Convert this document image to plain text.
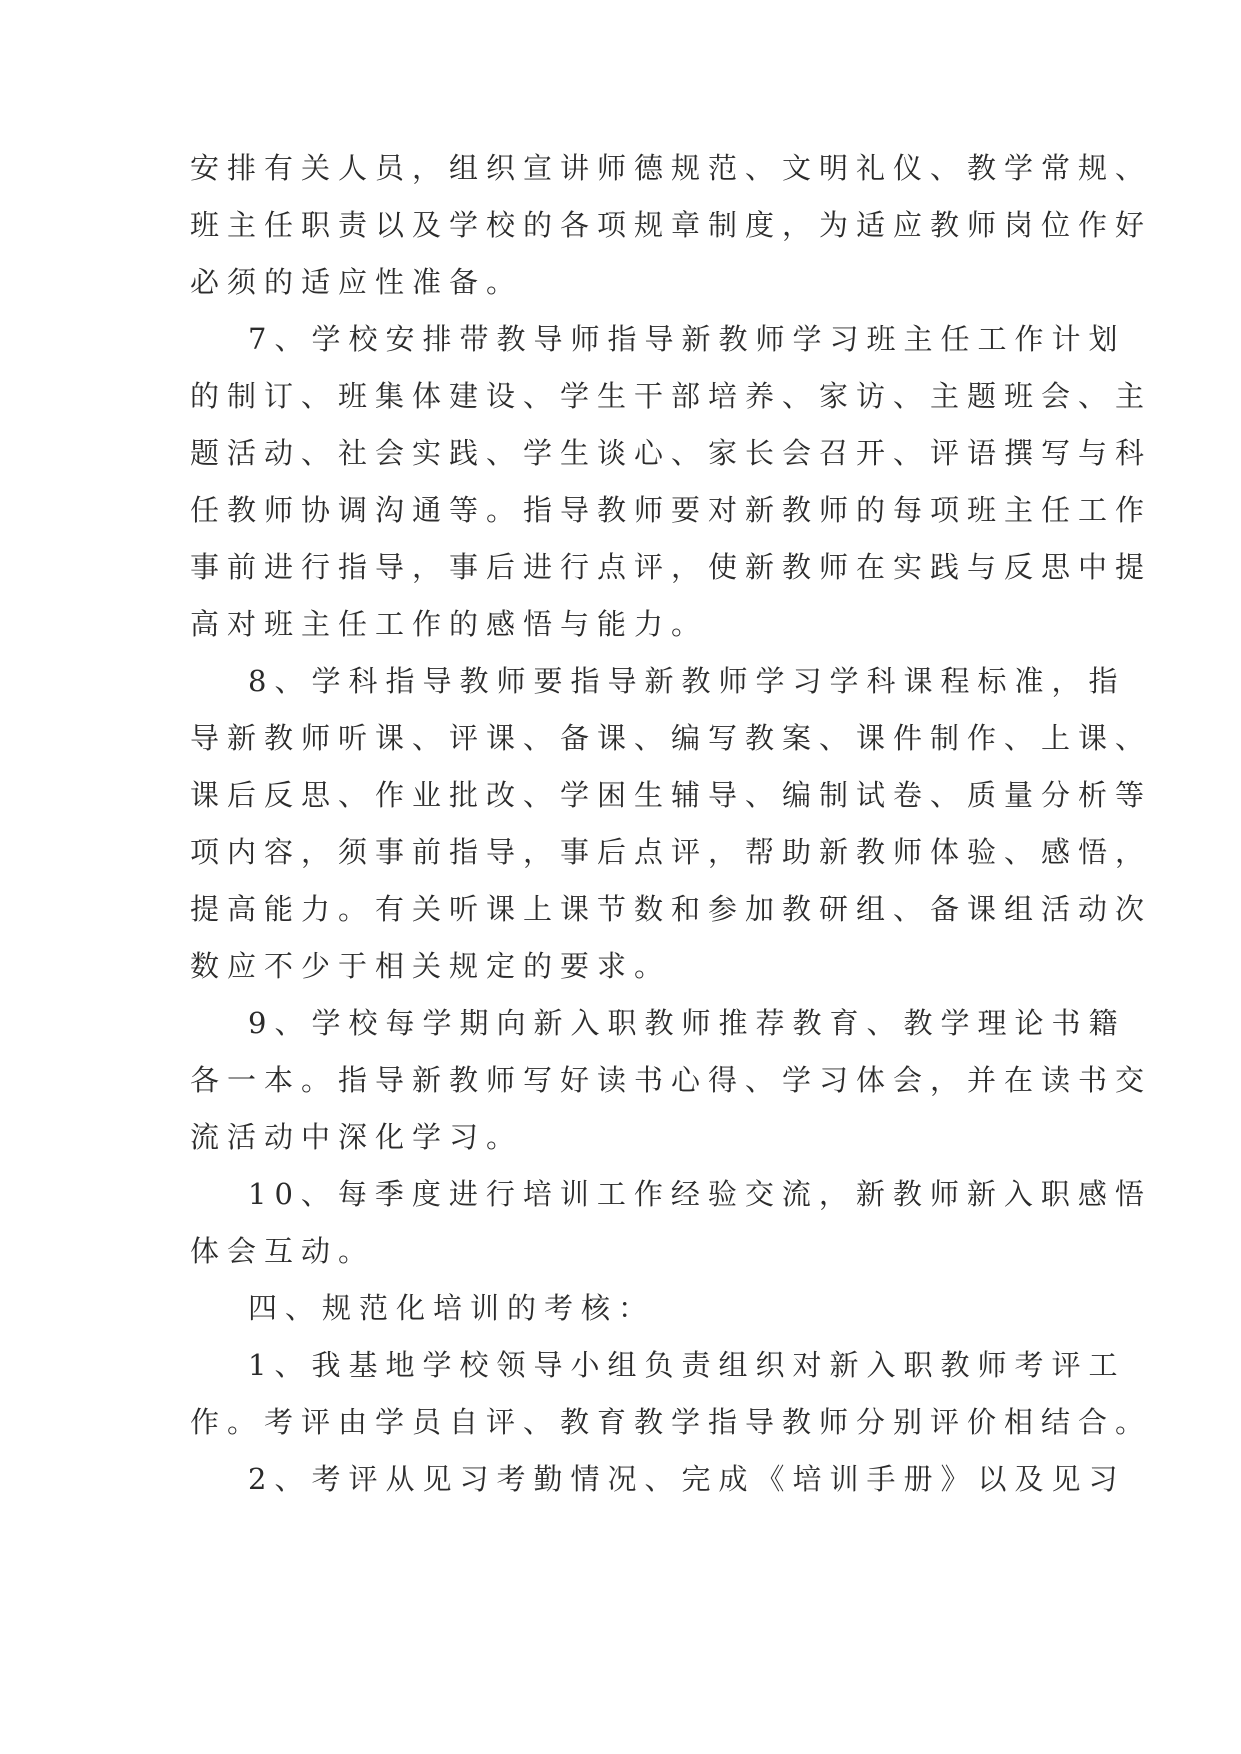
安排有关人员，组织宣讲师德规范、文明礼仪、教学常规、

班主任职责以及学校的各项规章制度，为适应教师岗位作好

必须的适应性准备。

7、学校安排带教导师指导新教师学习班主任工作计划

的制订、班集体建设、学生干部培养、家访、主题班会、主

题活动、社会实践、学生谈心、家长会召开、评语撰写与科

任教师协调沟通等。指导教师要对新教师的每项班主任工作

事前进行指导，事后进行点评，使新教师在实践与反思中提

高对班主任工作的感悟与能力。

8、学科指导教师要指导新教师学习学科课程标准，指

导新教师听课、评课、备课、编写教案、课件制作、上课、

课后反思、作业批改、学困生辅导、编制试卷、质量分析等

项内容，须事前指导，事后点评，帮助新教师体验、感悟，

提高能力。有关听课上课节数和参加教研组、备课组活动次

数应不少于相关规定的要求。

9、学校每学期向新入职教师推荐教育、教学理论书籍

各一本。指导新教师写好读书心得、学习体会，并在读书交

流活动中深化学习。

10、每季度进行培训工作经验交流，新教师新入职感悟

体会互动。

四、规范化培训的考核：

1、我基地学校领导小组负责组织对新入职教师考评工

作。考评由学员自评、教育教学指导教师分别评价相结合。

2、考评从见习考勤情况、完成《培训手册》以及见习
